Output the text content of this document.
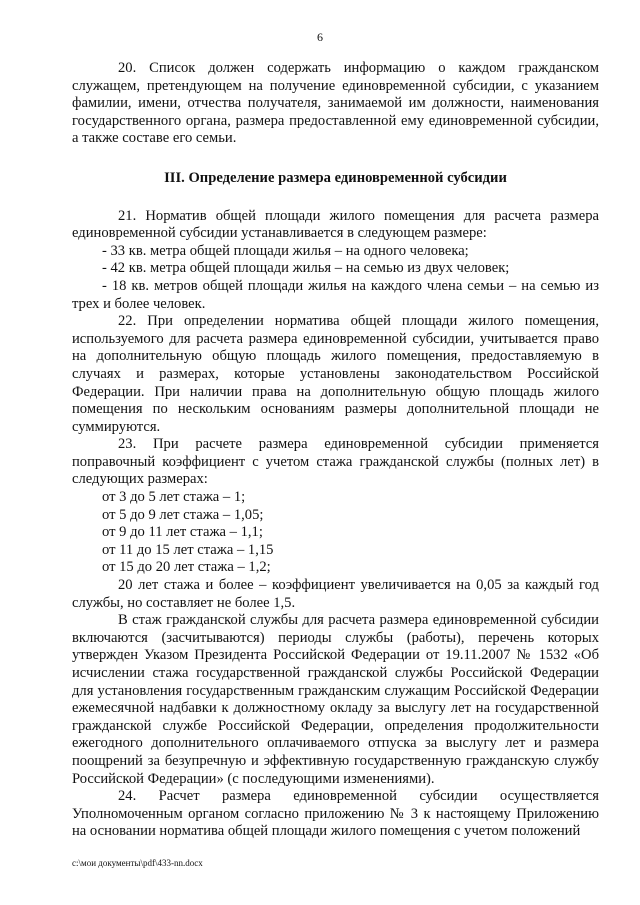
6

20. Список должен содержать информацию о каждом гражданском служащем, претендующем на получение единовременной субсидии, с указанием фамилии, имени, отчества получателя, занимаемой им должности, наименования государственного органа, размера предоставленной ему единовременной субсидии, а также составе его семьи.

III. Определение размера единовременной субсидии

21. Норматив общей площади жилого помещения для расчета размера единовременной субсидии устанавливается в следующем размере:

- 33 кв. метра общей площади жилья – на одного человека;

- 42 кв. метра общей площади жилья – на семью из двух человек;

- 18 кв. метров общей площади жилья на каждого члена семьи – на семью из трех и более человек.

22. При определении норматива общей площади жилого помещения, используемого для расчета размера единовременной субсидии, учитывается право на дополнительную общую площадь жилого помещения, предоставляемую в случаях и размерах, которые установлены законодательством Российской Федерации. При наличии права на дополнительную общую площадь жилого помещения по нескольким основаниям размеры дополнительной площади не суммируются.

23. При расчете размера единовременной субсидии применяется поправочный коэффициент с учетом стажа гражданской службы (полных лет) в следующих размерах:

от 3 до 5 лет стажа – 1;

от 5 до 9 лет стажа – 1,05;

от 9 до 11 лет стажа – 1,1;

от 11 до 15 лет стажа – 1,15

от 15 до 20 лет стажа – 1,2;

20 лет стажа и более – коэффициент увеличивается на 0,05 за каждый год службы, но составляет не более 1,5.

В стаж гражданской службы для расчета размера единовременной субсидии включаются (засчитываются) периоды службы (работы), перечень которых утвержден Указом Президента Российской Федерации от 19.11.2007 № 1532 «Об исчислении стажа государственной гражданской службы Российской Федерации для установления государственным гражданским служащим Российской Федерации ежемесячной надбавки к должностному окладу за выслугу лет на государственной гражданской службе Российской Федерации, определения продолжительности ежегодного дополнительного оплачиваемого отпуска за выслугу лет и размера поощрений за безупречную и эффективную государственную гражданскую службу Российской Федерации» (с последующими изменениями).

24. Расчет размера единовременной субсидии осуществляется Уполномоченным органом согласно приложению № 3 к настоящему Приложению на основании норматива общей площади жилого помещения с учетом положений

c:\мои документы\pdf\433-nn.docx
